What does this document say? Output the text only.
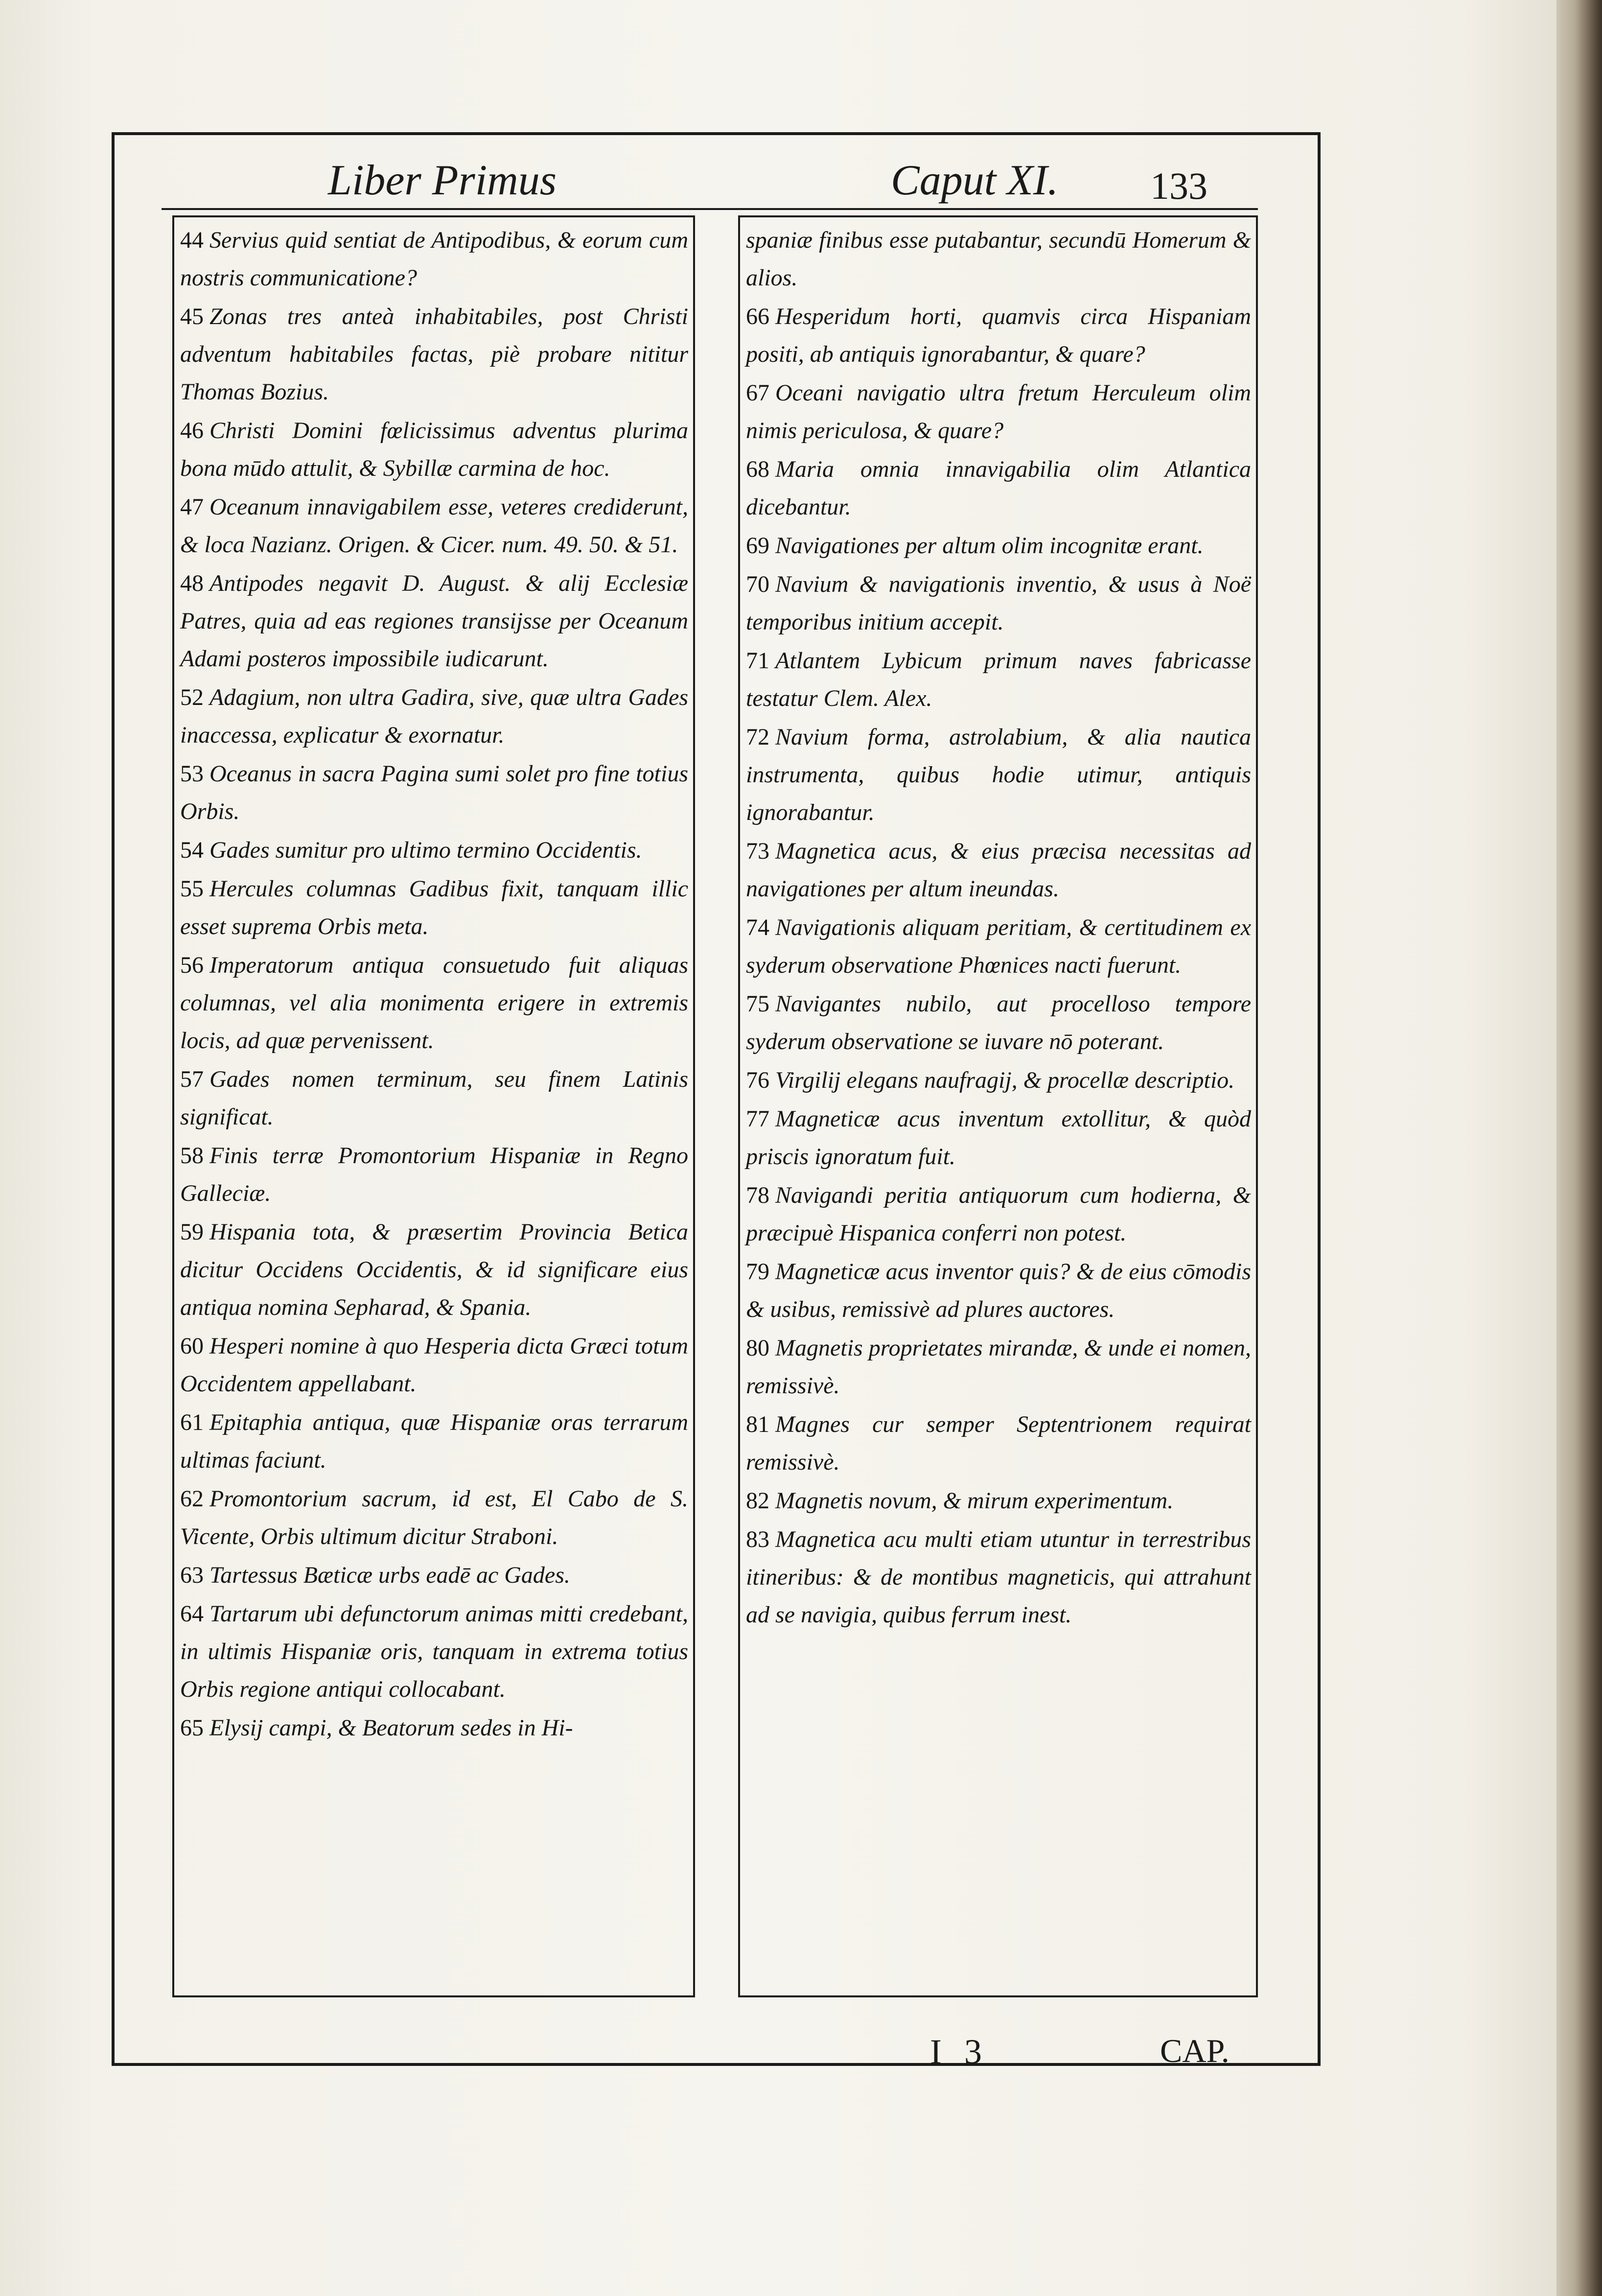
Liber Primus	Caput XI. 133
44 Servius quid sentiat de Antipodibus, & eorum cum nostris communicatione?
45 Zonas tres anteà inhabitabiles, post Christi adventum habitabiles factas, piè probare nititur Thomas Bozius.
46 Christi Domini fœlicissimus adventus plurima bona mūdo attulit, & Sybillæ carmina de hoc.
47 Oceanum innavigabilem esse, veteres crediderunt, & loca Nazianz. Origen. & Cicer. num. 49. 50. & 51.
48 Antipodes negavit D. August. & alij Ecclesiæ Patres, quia ad eas regiones transijsse per Oceanum Adami posteros impossibile iudicarunt.
52 Adagium, non ultra Gadira, sive, quæ ultra Gades inaccessa, explicatur & exornatur.
53 Oceanus in sacra Pagina sumi solet pro fine totius Orbis.
54 Gades sumitur pro ultimo termino Occidentis.
55 Hercules columnas Gadibus fixit, tanquam illic esset suprema Orbis meta.
56 Imperatorum antiqua consuetudo fuit aliquas columnas, vel alia monimenta erigere in extremis locis, ad quæ pervenissent.
57 Gades nomen terminum, seu finem Latinis significat.
58 Finis terræ Promontorium Hispaniæ in Regno Galleciæ.
59 Hispania tota, & præsertim Provincia Betica dicitur Occidens Occidentis, & id significare eius antiqua nomina Sepharad, & Spania.
60 Hesperi nomine à quo Hesperia dicta Græci totum Occidentem appellabant.
61 Epitaphia antiqua, quæ Hispaniæ oras terrarum ultimas faciunt.
62 Promontorium sacrum, id est, El Cabo de S. Vicente, Orbis ultimum dicitur Straboni.
63 Tartessus Bæticæ urbs eadē ac Gades.
64 Tartarum ubi defunctorum animas mitti credebant, in ultimis Hispaniæ oris, tanquam in extrema totius Orbis regione antiqui collocabant.
65 Elysij campi, & Beatorum sedes in Hi-
spaniæ finibus esse putabantur, secundū Homerum & alios.
66 Hesperidum horti, quamvis circa Hispaniam positi, ab antiquis ignorabantur, & quare?
67 Oceani navigatio ultra fretum Herculeum olim nimis periculosa, & quare?
68 Maria omnia innavigabilia olim Atlantica dicebantur.
69 Navigationes per altum olim incognitæ erant.
70 Navium & navigationis inventio, & usus à Noë temporibus initium accepit.
71 Atlantem Lybicum primum naves fabricasse testatur Clem. Alex.
72 Navium forma, astrolabium, & alia nautica instrumenta, quibus hodie utimur, antiquis ignorabantur.
73 Magnetica acus, & eius præcisa necessitas ad navigationes per altum ineundas.
74 Navigationis aliquam peritiam, & certitudinem ex syderum observatione Phœnices nacti fuerunt.
75 Navigantes nubilo, aut procelloso tempore syderum observatione se iuvare nō poterant.
76 Virgilij elegans naufragij, & procellæ descriptio.
77 Magneticæ acus inventum extollitur, & quòd priscis ignoratum fuit.
78 Navigandi peritia antiquorum cum hodierna, & præcipuè Hispanica conferri non potest.
79 Magneticæ acus inventor quis? & de eius cōmodis & usibus, remissivè ad plures auctores.
80 Magnetis proprietates mirandæ, & unde ei nomen, remissivè.
81 Magnes cur semper Septentrionem requirat remissivè.
82 Magnetis novum, & mirum experimentum.
83 Magnetica acu multi etiam utuntur in terrestribus itineribus: & de montibus magneticis, qui attrahunt ad se navigia, quibus ferrum inest.
I 3	CAP.
